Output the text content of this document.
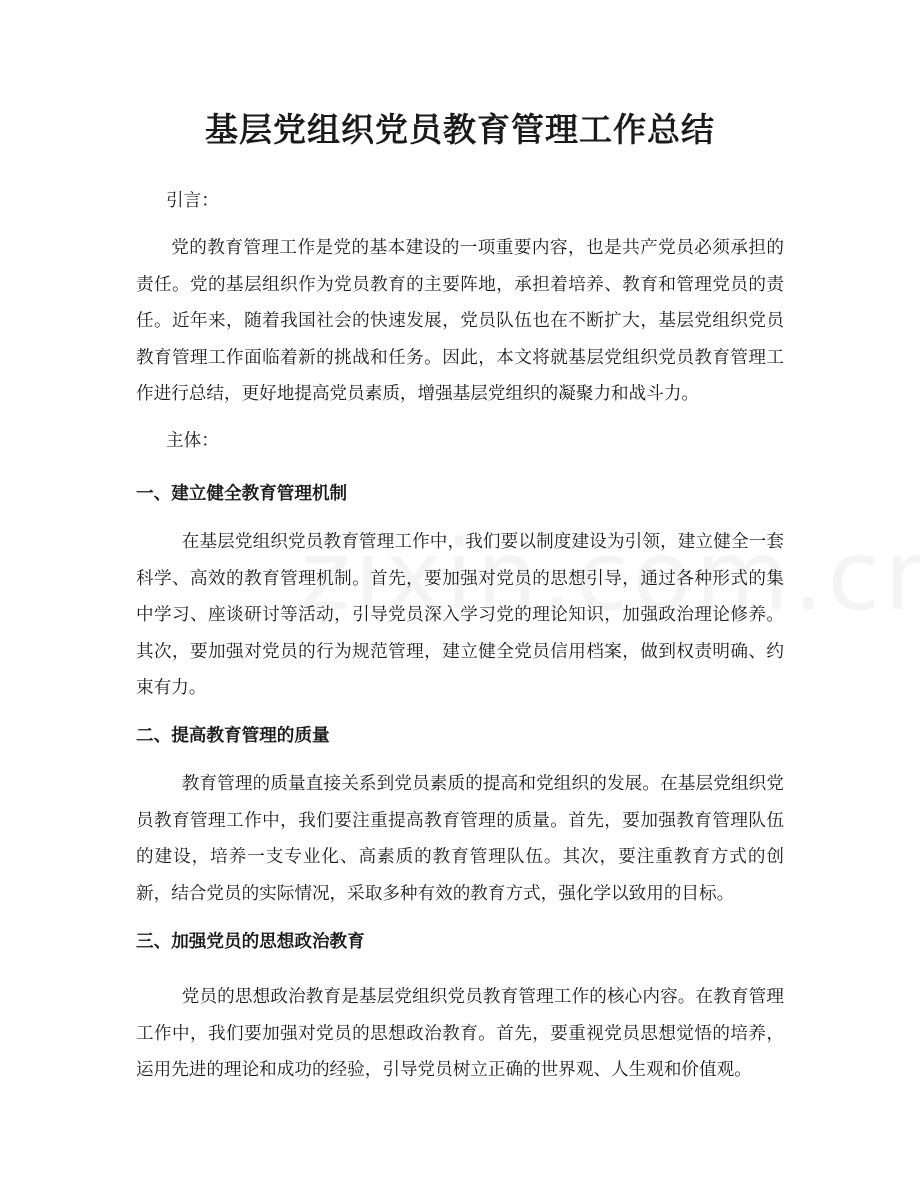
基层党组织党员教育管理工作总结

引言：

党的教育管理工作是党的基本建设的一项重要内容，也是共产党员必须承担的责任。党的基层组织作为党员教育的主要阵地，承担着培养、教育和管理党员的责任。近年来，随着我国社会的快速发展，党员队伍也在不断扩大，基层党组织党员教育管理工作面临着新的挑战和任务。因此，本文将就基层党组织党员教育管理工作进行总结，更好地提高党员素质，增强基层党组织的凝聚力和战斗力。

主体：

一、建立健全教育管理机制

在基层党组织党员教育管理工作中，我们要以制度建设为引领，建立健全一套科学、高效的教育管理机制。首先，要加强对党员的思想引导，通过各种形式的集中学习、座谈研讨等活动，引导党员深入学习党的理论知识，加强政治理论修养。其次，要加强对党员的行为规范管理，建立健全党员信用档案，做到权责明确、约束有力。

二、提高教育管理的质量

教育管理的质量直接关系到党员素质的提高和党组织的发展。在基层党组织党员教育管理工作中，我们要注重提高教育管理的质量。首先，要加强教育管理队伍的建设，培养一支专业化、高素质的教育管理队伍。其次，要注重教育方式的创新，结合党员的实际情况，采取多种有效的教育方式，强化学以致用的目标。

三、加强党员的思想政治教育

党员的思想政治教育是基层党组织党员教育管理工作的核心内容。在教育管理工作中，我们要加强对党员的思想政治教育。首先，要重视党员思想觉悟的培养，运用先进的理论和成功的经验，引导党员树立正确的世界观、人生观和价值观。
